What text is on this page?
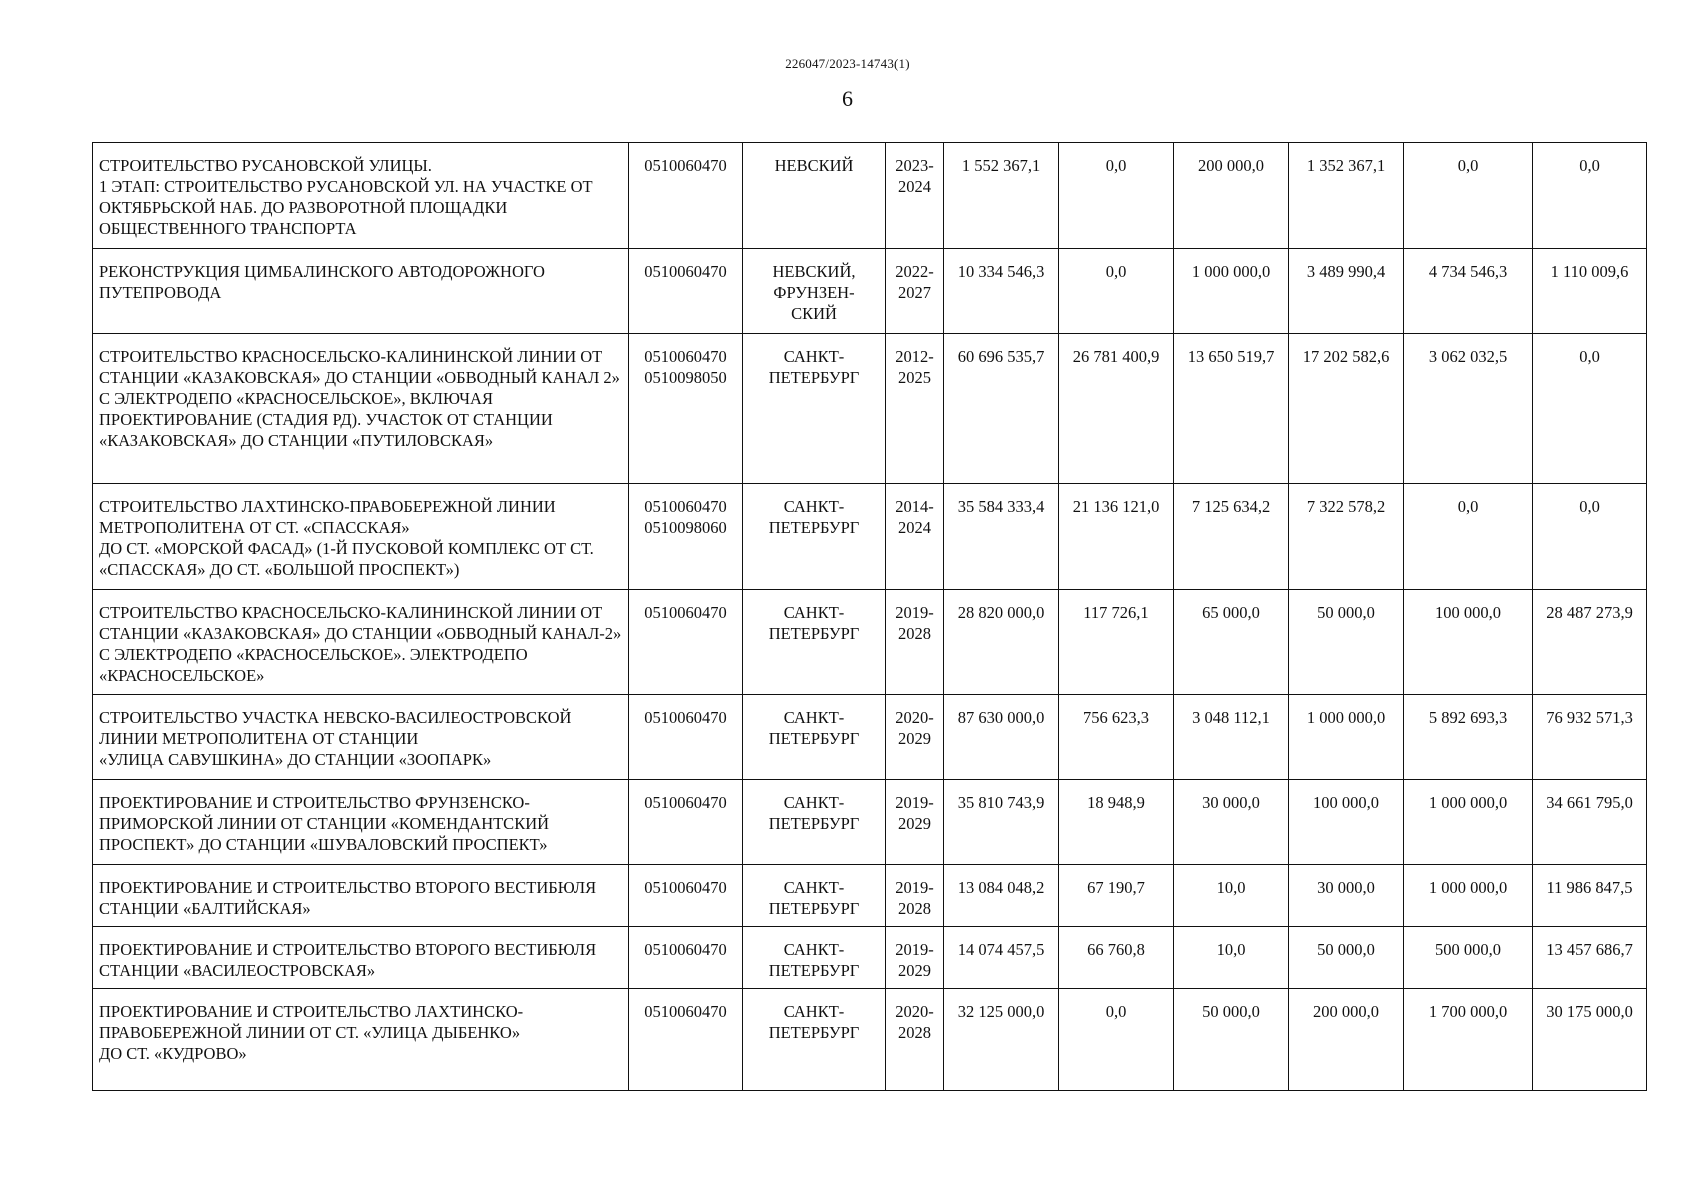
226047/2023-14743(1)
6
СТРОИТЕЛЬСТВО РУСАНОВСКОЙ УЛИЦЫ.
1 ЭТАП: СТРОИТЕЛЬСТВО РУСАНОВСКОЙ УЛ. НА УЧАСТКЕ ОТ ОКТЯБРЬСКОЙ НАБ. ДО РАЗВОРОТНОЙ ПЛОЩАДКИ ОБЩЕСТВЕННОГО ТРАНСПОРТА	0510060470	НЕВСКИЙ	2023-
2024	1 552 367,1	0,0	200 000,0	1 352 367,1	0,0	0,0
РЕКОНСТРУКЦИЯ ЦИМБАЛИНСКОГО АВТОДОРОЖНОГО ПУТЕПРОВОДА	0510060470	НЕВСКИЙ,
ФРУНЗЕН-
СКИЙ	2022-
2027	10 334 546,3	0,0	1 000 000,0	3 489 990,4	4 734 546,3	1 110 009,6
СТРОИТЕЛЬСТВО КРАСНОСЕЛЬСКО-КАЛИНИНСКОЙ ЛИНИИ ОТ СТАНЦИИ «КАЗАКОВСКАЯ» ДО СТАНЦИИ «ОБВОДНЫЙ КАНАЛ 2» С ЭЛЕКТРОДЕПО «КРАСНОСЕЛЬСКОЕ», ВКЛЮЧАЯ ПРОЕКТИРОВАНИЕ (СТАДИЯ РД). УЧАСТОК ОТ СТАНЦИИ «КАЗАКОВСКАЯ» ДО СТАНЦИИ «ПУТИЛОВСКАЯ»	0510060470
0510098050	САНКТ-
ПЕТЕРБУРГ	2012-
2025	60 696 535,7	26 781 400,9	13 650 519,7	17 202 582,6	3 062 032,5	0,0
СТРОИТЕЛЬСТВО ЛАХТИНСКО-ПРАВОБЕРЕЖНОЙ ЛИНИИ МЕТРОПОЛИТЕНА ОТ СТ. «СПАССКАЯ»
ДО СТ. «МОРСКОЙ ФАСАД» (1-Й ПУСКОВОЙ КОМПЛЕКС ОТ СТ. «СПАССКАЯ» ДО СТ. «БОЛЬШОЙ ПРОСПЕКТ»)	0510060470
0510098060	САНКТ-
ПЕТЕРБУРГ	2014-
2024	35 584 333,4	21 136 121,0	7 125 634,2	7 322 578,2	0,0	0,0
СТРОИТЕЛЬСТВО КРАСНОСЕЛЬСКО-КАЛИНИНСКОЙ ЛИНИИ ОТ СТАНЦИИ «КАЗАКОВСКАЯ» ДО СТАНЦИИ «ОБВОДНЫЙ КАНАЛ-2» С ЭЛЕКТРОДЕПО «КРАСНОСЕЛЬСКОЕ». ЭЛЕКТРОДЕПО «КРАСНОСЕЛЬСКОЕ»	0510060470	САНКТ-
ПЕТЕРБУРГ	2019-
2028	28 820 000,0	117 726,1	65 000,0	50 000,0	100 000,0	28 487 273,9
СТРОИТЕЛЬСТВО УЧАСТКА НЕВСКО-ВАСИЛЕОСТРОВСКОЙ ЛИНИИ МЕТРОПОЛИТЕНА ОТ СТАНЦИИ
«УЛИЦА САВУШКИНА» ДО СТАНЦИИ «ЗООПАРК»	0510060470	САНКТ-
ПЕТЕРБУРГ	2020-
2029	87 630 000,0	756 623,3	3 048 112,1	1 000 000,0	5 892 693,3	76 932 571,3
ПРОЕКТИРОВАНИЕ И СТРОИТЕЛЬСТВО ФРУНЗЕНСКО-ПРИМОРСКОЙ ЛИНИИ ОТ СТАНЦИИ «КОМЕНДАНТСКИЙ ПРОСПЕКТ» ДО СТАНЦИИ «ШУВАЛОВСКИЙ ПРОСПЕКТ»	0510060470	САНКТ-
ПЕТЕРБУРГ	2019-
2029	35 810 743,9	18 948,9	30 000,0	100 000,0	1 000 000,0	34 661 795,0
ПРОЕКТИРОВАНИЕ И СТРОИТЕЛЬСТВО ВТОРОГО ВЕСТИБЮЛЯ СТАНЦИИ «БАЛТИЙСКАЯ»	0510060470	САНКТ-
ПЕТЕРБУРГ	2019-
2028	13 084 048,2	67 190,7	10,0	30 000,0	1 000 000,0	11 986 847,5
ПРОЕКТИРОВАНИЕ И СТРОИТЕЛЬСТВО ВТОРОГО ВЕСТИБЮЛЯ СТАНЦИИ «ВАСИЛЕОСТРОВСКАЯ»	0510060470	САНКТ-
ПЕТЕРБУРГ	2019-
2029	14 074 457,5	66 760,8	10,0	50 000,0	500 000,0	13 457 686,7
ПРОЕКТИРОВАНИЕ И СТРОИТЕЛЬСТВО ЛАХТИНСКО-ПРАВОБЕРЕЖНОЙ ЛИНИИ ОТ СТ. «УЛИЦА ДЫБЕНКО»
ДО СТ. «КУДРОВО»	0510060470	САНКТ-
ПЕТЕРБУРГ	2020-
2028	32 125 000,0	0,0	50 000,0	200 000,0	1 700 000,0	30 175 000,0
